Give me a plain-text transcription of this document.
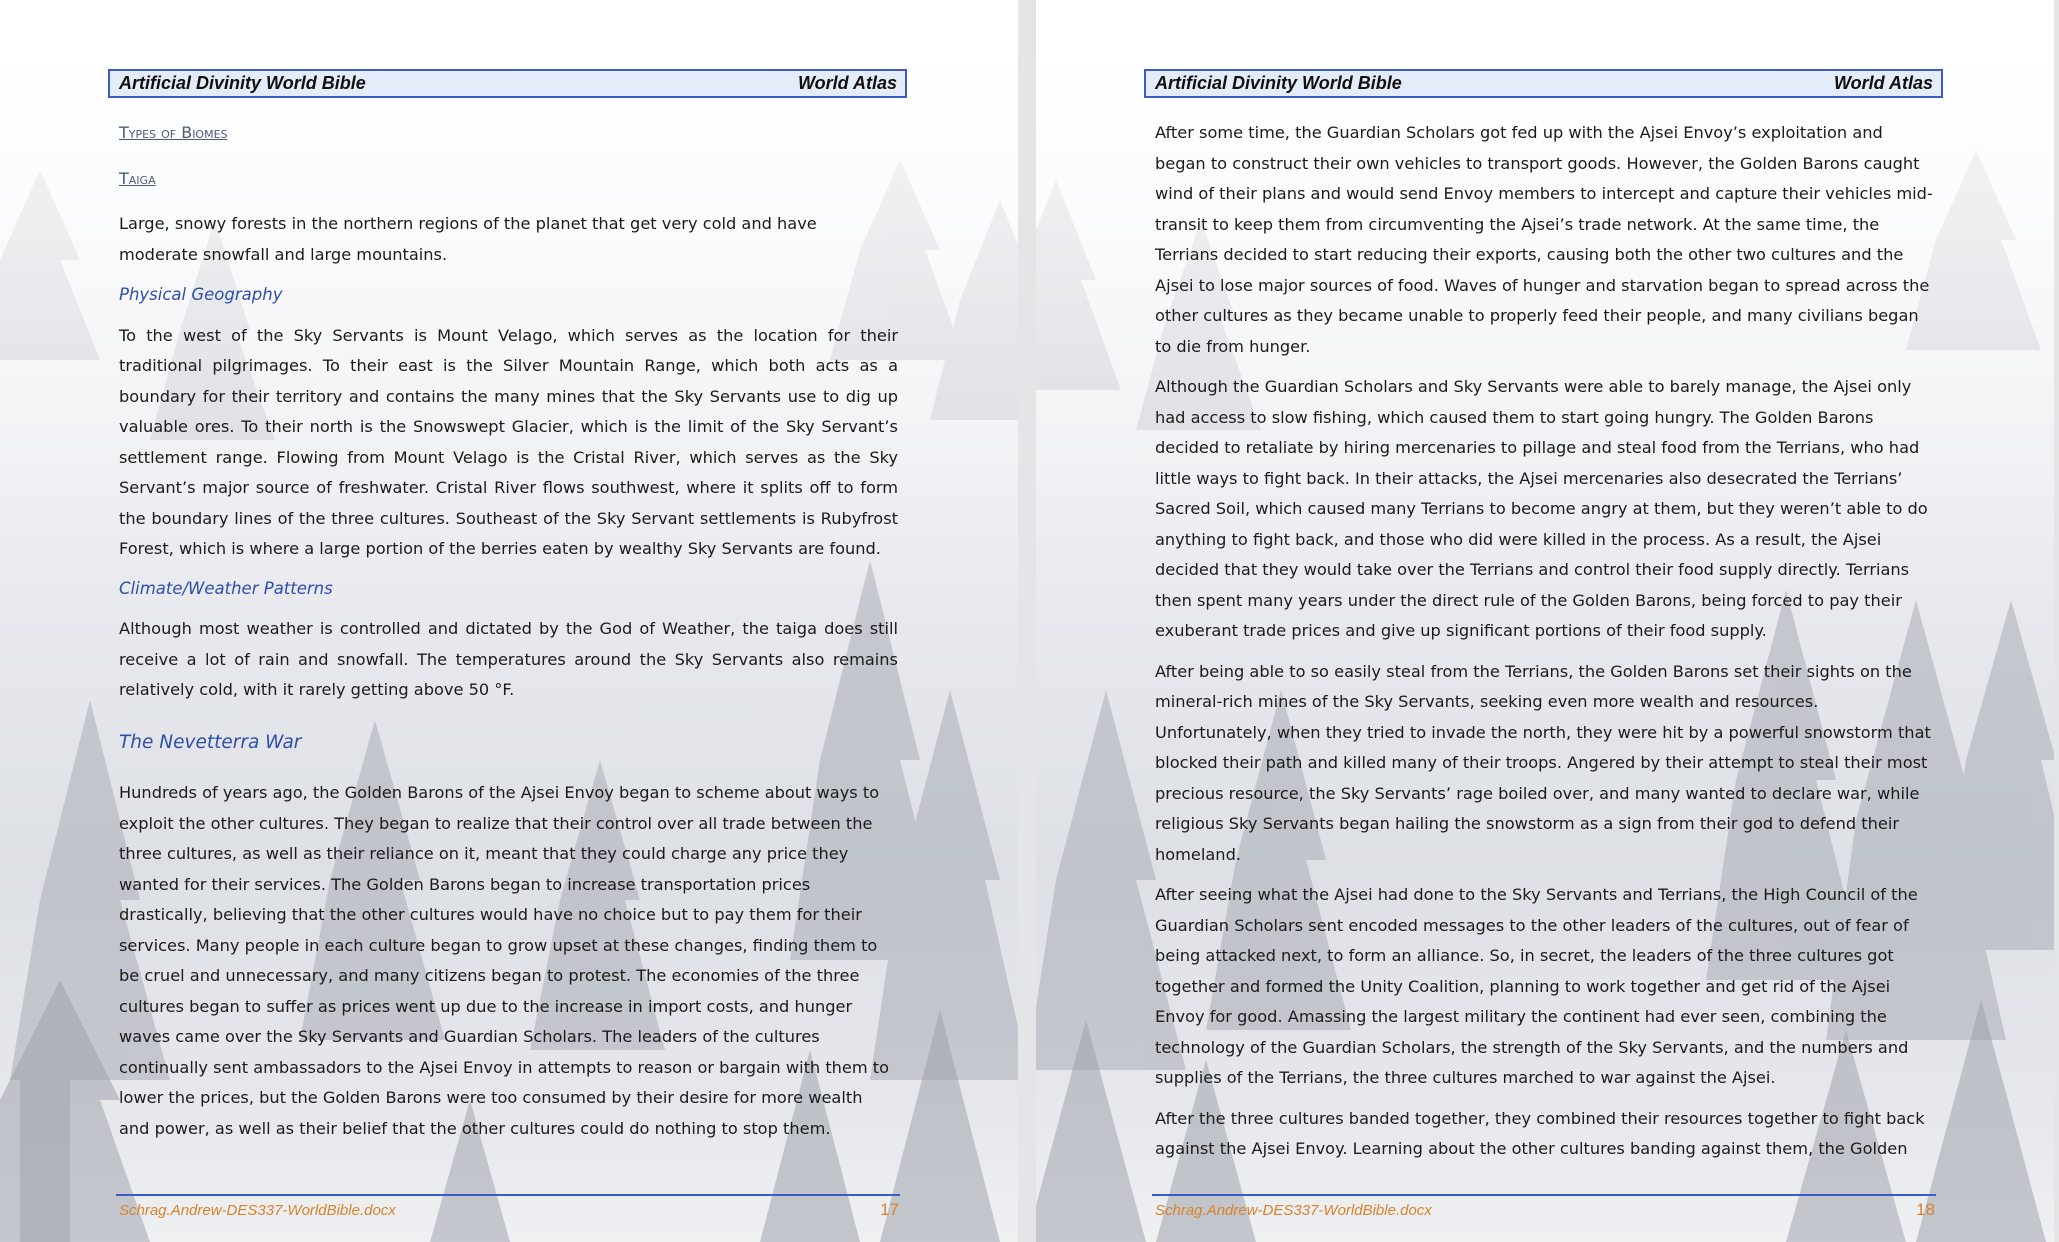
Artificial Divinity World Bible	World Atlas

Types of Biomes

Taiga

Large, snowy forests in the northern regions of the planet that get very cold and have moderate snowfall and large mountains.

Physical Geography

To the west of the Sky Servants is Mount Velago, which serves as the location for their traditional pilgrimages. To their east is the Silver Mountain Range, which both acts as a boundary for their territory and contains the many mines that the Sky Servants use to dig up valuable ores. To their north is the Snowswept Glacier, which is the limit of the Sky Servant’s settlement range. Flowing from Mount Velago is the Cristal River, which serves as the Sky Servant’s major source of freshwater. Cristal River flows southwest, where it splits off to form the boundary lines of the three cultures. Southeast of the Sky Servant settlements is Rubyfrost Forest, which is where a large portion of the berries eaten by wealthy Sky Servants are found.

Climate/Weather Patterns

Although most weather is controlled and dictated by the God of Weather, the taiga does still receive a lot of rain and snowfall. The temperatures around the Sky Servants also remains relatively cold, with it rarely getting above 50 °F.

The Nevetterra War

Hundreds of years ago, the Golden Barons of the Ajsei Envoy began to scheme about ways to exploit the other cultures. They began to realize that their control over all trade between the three cultures, as well as their reliance on it, meant that they could charge any price they wanted for their services. The Golden Barons began to increase transportation prices drastically, believing that the other cultures would have no choice but to pay them for their services. Many people in each culture began to grow upset at these changes, finding them to be cruel and unnecessary, and many citizens began to protest. The economies of the three cultures began to suffer as prices went up due to the increase in import costs, and hunger waves came over the Sky Servants and Guardian Scholars. The leaders of the cultures continually sent ambassadors to the Ajsei Envoy in attempts to reason or bargain with them to lower the prices, but the Golden Barons were too consumed by their desire for more wealth and power, as well as their belief that the other cultures could do nothing to stop them.

Schrag.Andrew-DES337-WorldBible.docx	17
Artificial Divinity World Bible	World Atlas

After some time, the Guardian Scholars got fed up with the Ajsei Envoy’s exploitation and began to construct their own vehicles to transport goods. However, the Golden Barons caught wind of their plans and would send Envoy members to intercept and capture their vehicles mid-transit to keep them from circumventing the Ajsei’s trade network. At the same time, the Terrians decided to start reducing their exports, causing both the other two cultures and the Ajsei to lose major sources of food. Waves of hunger and starvation began to spread across the other cultures as they became unable to properly feed their people, and many civilians began to die from hunger.

Although the Guardian Scholars and Sky Servants were able to barely manage, the Ajsei only had access to slow fishing, which caused them to start going hungry. The Golden Barons decided to retaliate by hiring mercenaries to pillage and steal food from the Terrians, who had little ways to fight back. In their attacks, the Ajsei mercenaries also desecrated the Terrians’ Sacred Soil, which caused many Terrians to become angry at them, but they weren’t able to do anything to fight back, and those who did were killed in the process. As a result, the Ajsei decided that they would take over the Terrians and control their food supply directly. Terrians then spent many years under the direct rule of the Golden Barons, being forced to pay their exuberant trade prices and give up significant portions of their food supply.

After being able to so easily steal from the Terrians, the Golden Barons set their sights on the mineral-rich mines of the Sky Servants, seeking even more wealth and resources. Unfortunately, when they tried to invade the north, they were hit by a powerful snowstorm that blocked their path and killed many of their troops. Angered by their attempt to steal their most precious resource, the Sky Servants’ rage boiled over, and many wanted to declare war, while religious Sky Servants began hailing the snowstorm as a sign from their god to defend their homeland.

After seeing what the Ajsei had done to the Sky Servants and Terrians, the High Council of the Guardian Scholars sent encoded messages to the other leaders of the cultures, out of fear of being attacked next, to form an alliance. So, in secret, the leaders of the three cultures got together and formed the Unity Coalition, planning to work together and get rid of the Ajsei Envoy for good. Amassing the largest military the continent had ever seen, combining the technology of the Guardian Scholars, the strength of the Sky Servants, and the numbers and supplies of the Terrians, the three cultures marched to war against the Ajsei.

After the three cultures banded together, they combined their resources together to fight back against the Ajsei Envoy. Learning about the other cultures banding against them, the Golden

Schrag.Andrew-DES337-WorldBible.docx	18
